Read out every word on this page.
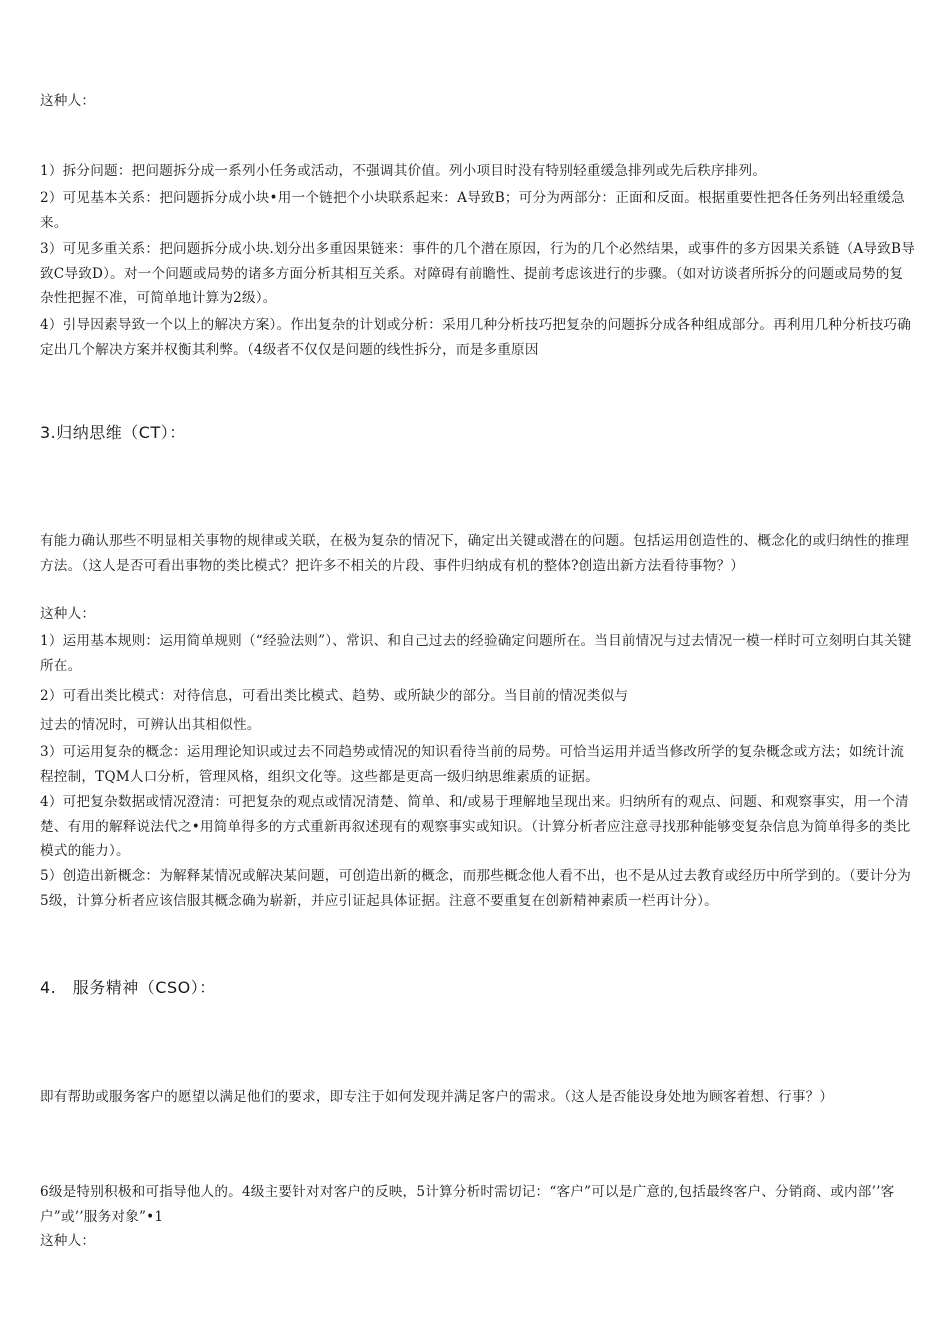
这种人：

1）拆分问题：把问题拆分成一系列小任务或活动，不强调其价值。列小项目时没有特别轻重缓急排列或先后秩序排列。

2）可见基本关系：把问题拆分成小块•用一个链把个小块联系起来：A导致B；可分为两部分：正面和反面。根据重要性把各任务列出轻重缓急来。

3）可见多重关系：把问题拆分成小块.划分出多重因果链来：事件的几个潜在原因，行为的几个必然结果，或事件的多方因果关系链（A导致B导致C导致D）。对一个问题或局势的诸多方面分析其相互关系。对障碍有前瞻性、提前考虑该进行的步骤。（如对访谈者所拆分的问题或局势的复杂性把握不准，可简单地计算为2级）。

4）引导因素导致一个以上的解决方案）。作出复杂的计划或分析：采用几种分析技巧把复杂的问题拆分成各种组成部分。再利用几种分析技巧确定出几个解决方案并权衡其利弊。（4级者不仅仅是问题的线性拆分，而是多重原因

3.归纳思维（CT）：

有能力确认那些不明显相关事物的规律或关联，在极为复杂的情况下，确定出关键或潜在的问题。包括运用创造性的、概念化的或归纳性的推理方法。（这人是否可看出事物的类比模式？把许多不相关的片段、事件归纳成有机的整体?创造出新方法看待事物？）

这种人：

1）运用基本规则：运用简单规则（“经验法则”）、常识、和自己过去的经验确定问题所在。当目前情况与过去情况一模一样时可立刻明白其关键所在。

2）可看出类比模式：对待信息，可看出类比模式、趋势、或所缺少的部分。当目前的情况类似与

过去的情况时，可辨认出其相似性。

3）可运用复杂的概念：运用理论知识或过去不同趋势或情况的知识看待当前的局势。可恰当运用并适当修改所学的复杂概念或方法；如统计流程控制，TQM人口分析，管理风格，组织文化等。这些都是更高一级归纳思维素质的证据。

4）可把复杂数据或情况澄清：可把复杂的观点或情况清楚、简单、和/或易于理解地呈现出来。归纳所有的观点、问题、和观察事实，用一个清楚、有用的解释说法代之•用简单得多的方式重新再叙述现有的观察事实或知识。（计算分析者应注意寻找那种能够变复杂信息为简单得多的类比模式的能力）。

5）创造出新概念：为解释某情况或解决某问题，可创造出新的概念，而那些概念他人看不出，也不是从过去教育或经历中所学到的。（要计分为5级，计算分析者应该信服其概念确为崭新，并应引证起具体证据。注意不要重复在创新精神素质一栏再计分）。

4.　服务精神（CSO）：

即有帮助或服务客户的愿望以满足他们的要求，即专注于如何发现并满足客户的需求。（这人是否能设身处地为顾客着想、行事？）

6级是特别积极和可指导他人的。4级主要针对对客户的反映，5计算分析时需切记：“客户”可以是广意的,包括最终客户、分销商、或内部’’客户”或’’服务对象”•1

这种人：
